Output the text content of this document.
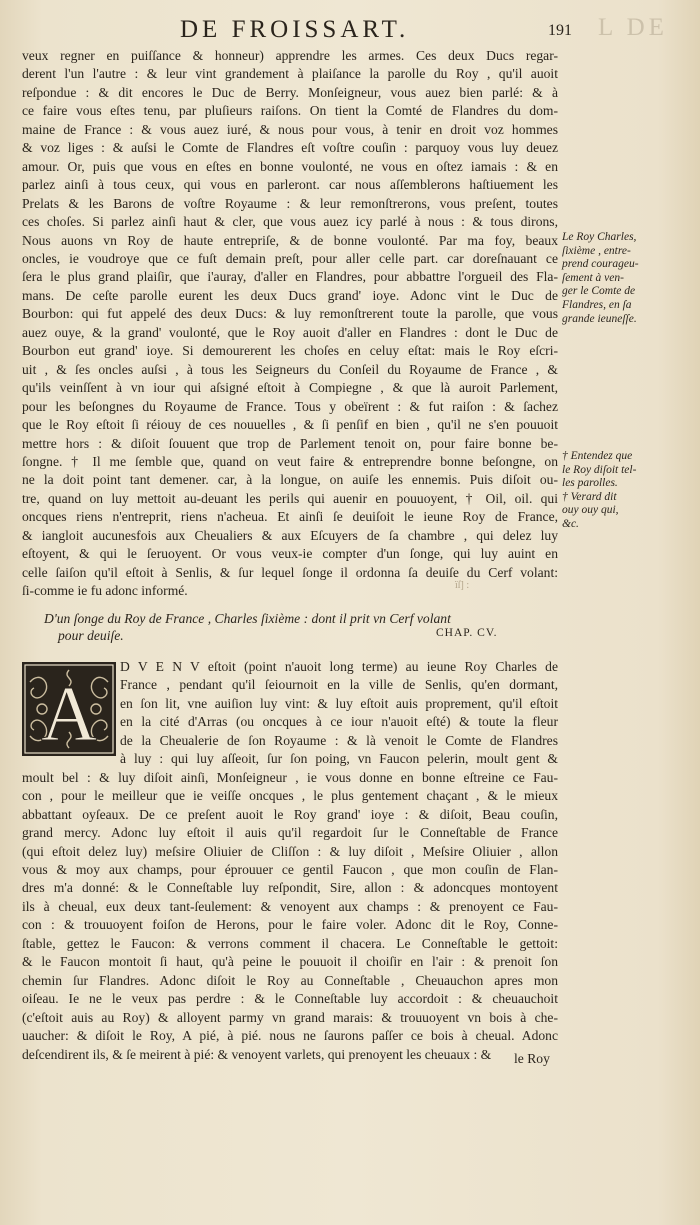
DE FROISSART.	191 L DE
veux regner en puiſſance & honneur) apprendre les armes. Ces deux Ducs regar-
derent l'un l'autre : & leur vint grandement à plaiſance la parolle du Roy , qu'il auoit
reſpondue : & dit encores le Duc de Berry. Monſeigneur, vous auez bien parlé: & à
ce faire vous eſtes tenu, par pluſieurs raiſons. On tient la Comté de Flandres du dom-
maine de France : & vous auez iuré, & nous pour vous, à tenir en droit voz hommes
& voz liges : & auſsi le Comte de Flandres eſt voſtre couſin : parquoy vous luy deuez
amour. Or, puis que vous en eſtes en bonne voulonté, ne vous en oſtez iamais : & en
parlez ainſi à tous ceux, qui vous en parleront. car nous aſſemblerons haſtiuement les
Prelats & les Barons de voſtre Royaume : & leur remonſtrerons, vous preſent, toutes
ces choſes. Si parlez ainſi haut & cler, que vous auez icy parlé à nous : & tous dirons,
Nous auons vn Roy de haute entrepriſe, & de bonne voulonté. Par ma foy, beaux
oncles, ie voudroye que ce fuſt demain preſt, pour aller celle part. car doreſnauant ce
ſera le plus grand plaiſir, que i'auray, d'aller en Flandres, pour abbattre l'orgueil des Fla-
mans. De ceſte parolle eurent les deux Ducs grand' ioye. Adonc vint le Duc de
Bourbon: qui fut appelé des deux Ducs: & luy remonſtrerent toute la parolle, que vous
auez ouye, & la grand' voulonté, que le Roy auoit d'aller en Flandres : dont le Duc de
Bourbon eut grand' ioye. Si demourerent les choſes en celuy eſtat: mais le Roy eſcri-
uit , & ſes oncles auſsi , à tous les Seigneurs du Conſeil du Royaume de France , &
qu'ils veinſſent à vn iour qui aſsigné eſtoit à Compiegne , & que là auroit Parlement,
pour les beſongnes du Royaume de France. Tous y obeïrent : & fut raiſon : & ſachez
que le Roy eſtoit ſi réiouy de ces nouuelles , & ſi penſif en bien , qu'il ne s'en pouuoit
mettre hors : & diſoit ſouuent que trop de Parlement tenoit on, pour faire bonne be-
ſongne. † Il me ſemble que, quand on veut faire & entreprendre bonne beſongne, on
ne la doit point tant demener. car, à la longue, on auiſe les ennemis. Puis diſoit ou-
tre, quand on luy mettoit au-deuant les perils qui auenir en pouuoyent, † Oil, oil. qui
oncques riens n'entreprit, riens n'acheua. Et ainſi ſe deuiſoit le ieune Roy de France,
& iangloit aucunesfois aux Cheualiers & aux Eſcuyers de ſa chambre , qui delez luy
eſtoyent, & qui le ſeruoyent. Or vous veux-ie compter d'un ſonge, qui luy auint en
celle ſaiſon qu'il eſtoit à Senlis, & ſur lequel ſonge il ordonna ſa deuiſe du Cerf volant:
ſi-comme ie fu adonc informé.
Le Roy Charles,
ſixième , entre-
prend courageu-
ſement à ven-
ger le Comte de
Flandres, en ſa
grande ieuneſſe.
† Entendez que
le Roy diſoit tel-
les parolles.
† Verard dit
ouy ouy qui,
&c.
ïſ] :
D'un ſonge du Roy de France , Charles ſixième : dont il prit vn Cerf volant
pour deuiſe.	CHAP. CV.
A
D V E N V eſtoit (point n'auoit long terme) au ieune Roy Charles de
France , pendant qu'il ſeiournoit en la ville de Senlis, qu'en dormant,
en ſon lit, vne auiſion luy vint: & luy eſtoit auis proprement, qu'il eſtoit
en la cité d'Arras (ou oncques à ce iour n'auoit eſté) & toute la fleur
de la Cheualerie de ſon Royaume : & là venoit le Comte de Flandres
à luy : qui luy aſſeoit, ſur ſon poing, vn Faucon pelerin, moult gent &
moult bel : & luy diſoit ainſi, Monſeigneur , ie vous donne en bonne eſtreine ce Fau-
con , pour le meilleur que ie veiſſe oncques , le plus gentement chaçant , & le mieux
abbattant oyſeaux. De ce preſent auoit le Roy grand' ioye : & diſoit, Beau couſin,
grand mercy. Adonc luy eſtoit il auis qu'il regardoit ſur le Conneſtable de France
(qui eſtoit delez luy) meſsire Oliuier de Cliſſon : & luy diſoit , Meſsire Oliuier , allon
vous & moy aux champs, pour éprouuer ce gentil Faucon , que mon couſin de Flan-
dres m'a donné: & le Conneſtable luy reſpondit, Sire, allon : & adoncques montoyent
ils à cheual, eux deux tant-ſeulement: & venoyent aux champs : & prenoyent ce Fau-
con : & trouuoyent foiſon de Herons, pour le faire voler. Adonc dit le Roy, Conne-
ſtable, gettez le Faucon: & verrons comment il chacera. Le Conneſtable le gettoit:
& le Faucon montoit ſi haut, qu'à peine le pouuoit il choiſir en l'air : & prenoit ſon
chemin ſur Flandres. Adonc diſoit le Roy au Conneſtable , Cheuauchon apres mon
oiſeau. Ie ne le veux pas perdre : & le Conneſtable luy accordoit : & cheuauchoit
(c'eſtoit auis au Roy) & alloyent parmy vn grand marais: & trouuoyent vn bois à che-
uaucher: & diſoit le Roy, A pié, à pié. nous ne ſaurons paſſer ce bois à cheual. Adonc
deſcendirent ils, & ſe meirent à pié: & venoyent varlets, qui prenoyent les cheuaux : &	le Roy
